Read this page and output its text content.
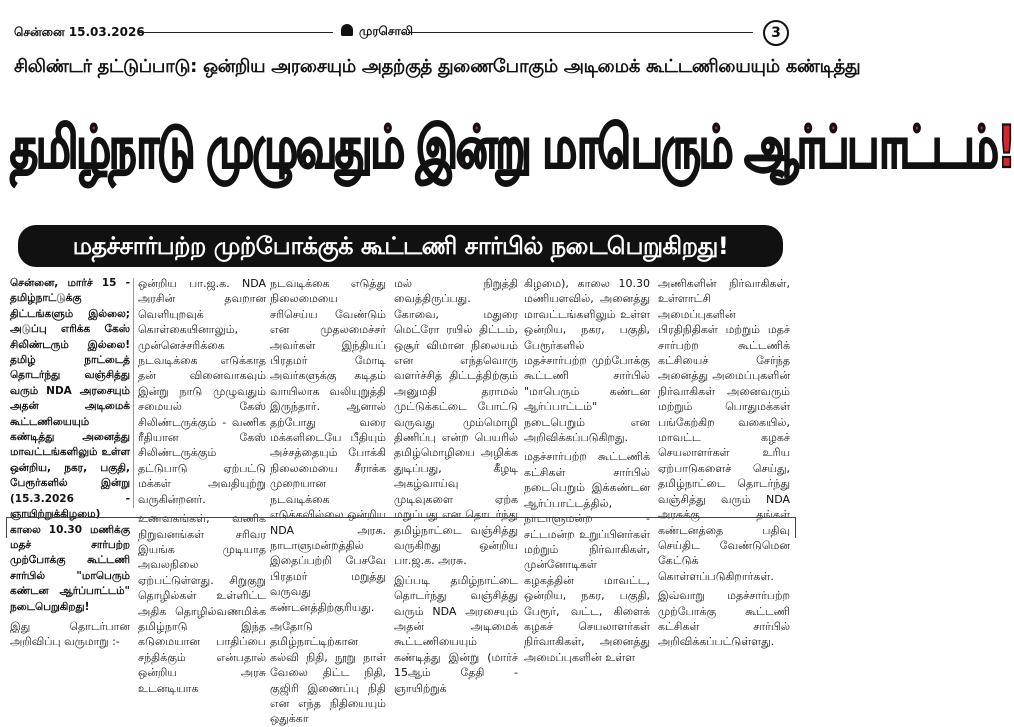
சென்னை 15.03.2026	முரசொலி	3
சிலிண்டர் தட்டுப்பாடு: ஒன்றிய அரசையும் அதற்குத் துணைபோகும் அடிமைக் கூட்டணியையும் கண்டித்து
தமிழ்நாடு முழுவதும் இன்று மாபெரும் ஆர்ப்பாட்டம்!
மதச்சார்பற்ற முற்போக்குக் கூட்டணி சார்பில் நடைபெறுகிறது!

சென்னை, மார்ச் 15 - தமிழ்நாட்டுக்கு திட்டங்களும் இல்லை; அடுப்பு எரிக்க கேஸ் சிலிண்டரும் இல்லை! தமிழ் நாட்டைத் தொடர்ந்து வஞ்சித்து வரும் NDA அரசையும் அதன் அடிமைக் கூட்டணியையும் கண்டித்து அனைத்து மாவட்டங்களிலும் உள்ள ஒன்றிய, நகர, பகுதி, பேரூர்களில் இன்று (15.3.2026 - ஞாயிற்றுக்கிழமை) காலை 10.30 மணிக்கு மதச் சார்பற்ற முற்போக்கு கூட்டணி சார்பில் "மாபெரும் கண்டன ஆர்ப்பாட்டம்" நடைபெறுகிறது!

இது தொடர்பான அறிவிப்பு வருமாறு :-

ஒன்றிய பா.ஜ.க. NDA அரசின் தவறான வெளியுறவுக் கொள்கையினாலும், முன்னெச்சரிக்கை நடவடிக்கை எடுக்காத தன் வினைவாகவும் இன்று நாடு முழுவதும் சமையல் கேஸ் சிலிண்டருக்கும் - வணிக ரீதியான கேஸ் சிலிண்டருக்கும் தட்டுபாடு ஏற்பட்டு மக்கள் அவதியுற்று வருகின்றனர்.

உணவகங்கள், வணிக நிறுவனங்கள் சரிவர இயங்க முடியாத அவலநிலை ஏற்பட்டுள்ளது. சிறுகுறு தொழில்கள் உள்ளிட்ட அதிக தொழில்வணமிக்க தமிழ்நாடு இந்த கடுமையான பாதிப்பை சந்திக்கும் என்பதால் ஒன்றிய அரசு உடனடியாக

நடவடிக்கை எடுத்து நிலைமையை சரிசெய்ய வேண்டும் என முதலமைச்சர் அவர்கள் இந்தியப் பிரதமர் மோடி அவர்களுக்கு கடிதம் வாயிலாக வலியுறுத்தி இருந்தார். ஆனால் தற்போது வரை மக்களிடையே பீதியும் அச்சத்தையும் போக்கி நிலைமையை சீராக்க முறையான நடவடிக்கை எடுக்கவில்லை ஒன்றிய NDA அரசு. நாடாளுமன்றத்தில் இதைப்பற்றி பேசவே பிரதமர் மறுத்து வருவது கண்டனத்திற்குரியது.

அதோடு தமிழ்நாட்டிற்கான கல்வி நிதி, நூறு நாள் வேலை திட்ட நிதி, குஜிரி இணைப்பு நிதி என எந்த நிதியையும் ஒதுக்கா

மல் நிறுத்தி வைத்திருப்பது. கோவை, மதுரை மெட்ரோ ரயில் திட்டம், ஒசூர் விமான நிலையம் என எந்தவொரு வளர்ச்சித் திட்டத்திற்கும் அனுமதி தராமல் முட்டுக்கட்டை போட்டு வருவது மும்மொழி திணிப்பு என்ற பெயரில் தமிழ்மொழியை அழிக்க துடிப்பது, கீழடி அகழ்வாய்வு முடிவுகளை ஏற்க மறுப்பது என தொடர்ந்து தமிழ்நாட்டை வஞ்சித்து வருகிறது ஒன்றிய பா.ஜ.க. அரசு.

இப்படி தமிழ்நாட்டை தொடர்ந்து வஞ்சித்து வரும் NDA அரசையும் அதன் அடிமைக் கூட்டணியையும் கண்டித்து இன்று (மார்ச் 15ஆம் தேதி - ஞாயிற்றுக்

கிழமை), காலை 10.30 மணியளவில், அனைத்து மாவட்டங்களிலும் உள்ள ஒன்றிய, நகர, பகுதி, பேரூர்களில் மதச்சார்பற்ற முற்போக்கு கூட்டணி சார்பில் "மாபெரும் கண்டன ஆர்ப்பாட்டம்" நடைபெறும் என அறிவிக்கப்படுகிறது.

மதச்சார்பற்ற கூட்டணிக் கட்சிகள் சார்பில் நடைபெறும் இக்கண்டன ஆர்ப்பாட்டத்தில், நாடாளுமன்ற - சட்டமன்ற உறுப்பினர்கள் மற்றும் நிர்வாகிகள், முன்னோடிகள் கழகத்தின் மாவட்ட, ஒன்றிய, நகர, பகுதி, பேரூர், வட்ட, கிளைக் கழகச் செயலாளர்கள் நிர்வாகிகள், அனைத்து அமைப்புகளின் உள்ள

அணிகளின் நிர்வாகிகள், உள்ளாட்சி அமைப்புகளின் பிரதிநிதிகள் மற்றும் மதச் சார்பற்ற கூட்டணிக் கட்சியைச் சேர்ந்த அனைத்து அமைப்புகளின் நிர்வாகிகள் அனைவரும் மற்றும் பொதுமக்கள் பங்கேற்கிற வகையில், மாவட்ட கழகச் செயலாளர்கள் உரிய ஏற்பாடுகளைச் செய்து, தமிழ்நாட்டை தொடர்ந்து வஞ்சித்து வரும் NDA அரசுக்கு தங்கள் கண்டனத்தை பதிவு செய்திட வேண்டுமென கேட்டுக் கொள்ளப்படுகிறார்கள்.

இவ்வாறு மதச்சார்பற்ற முற்போக்கு கூட்டணி கட்சிகள் சார்பில் அறிவிக்கப்பட்டுள்ளது.
